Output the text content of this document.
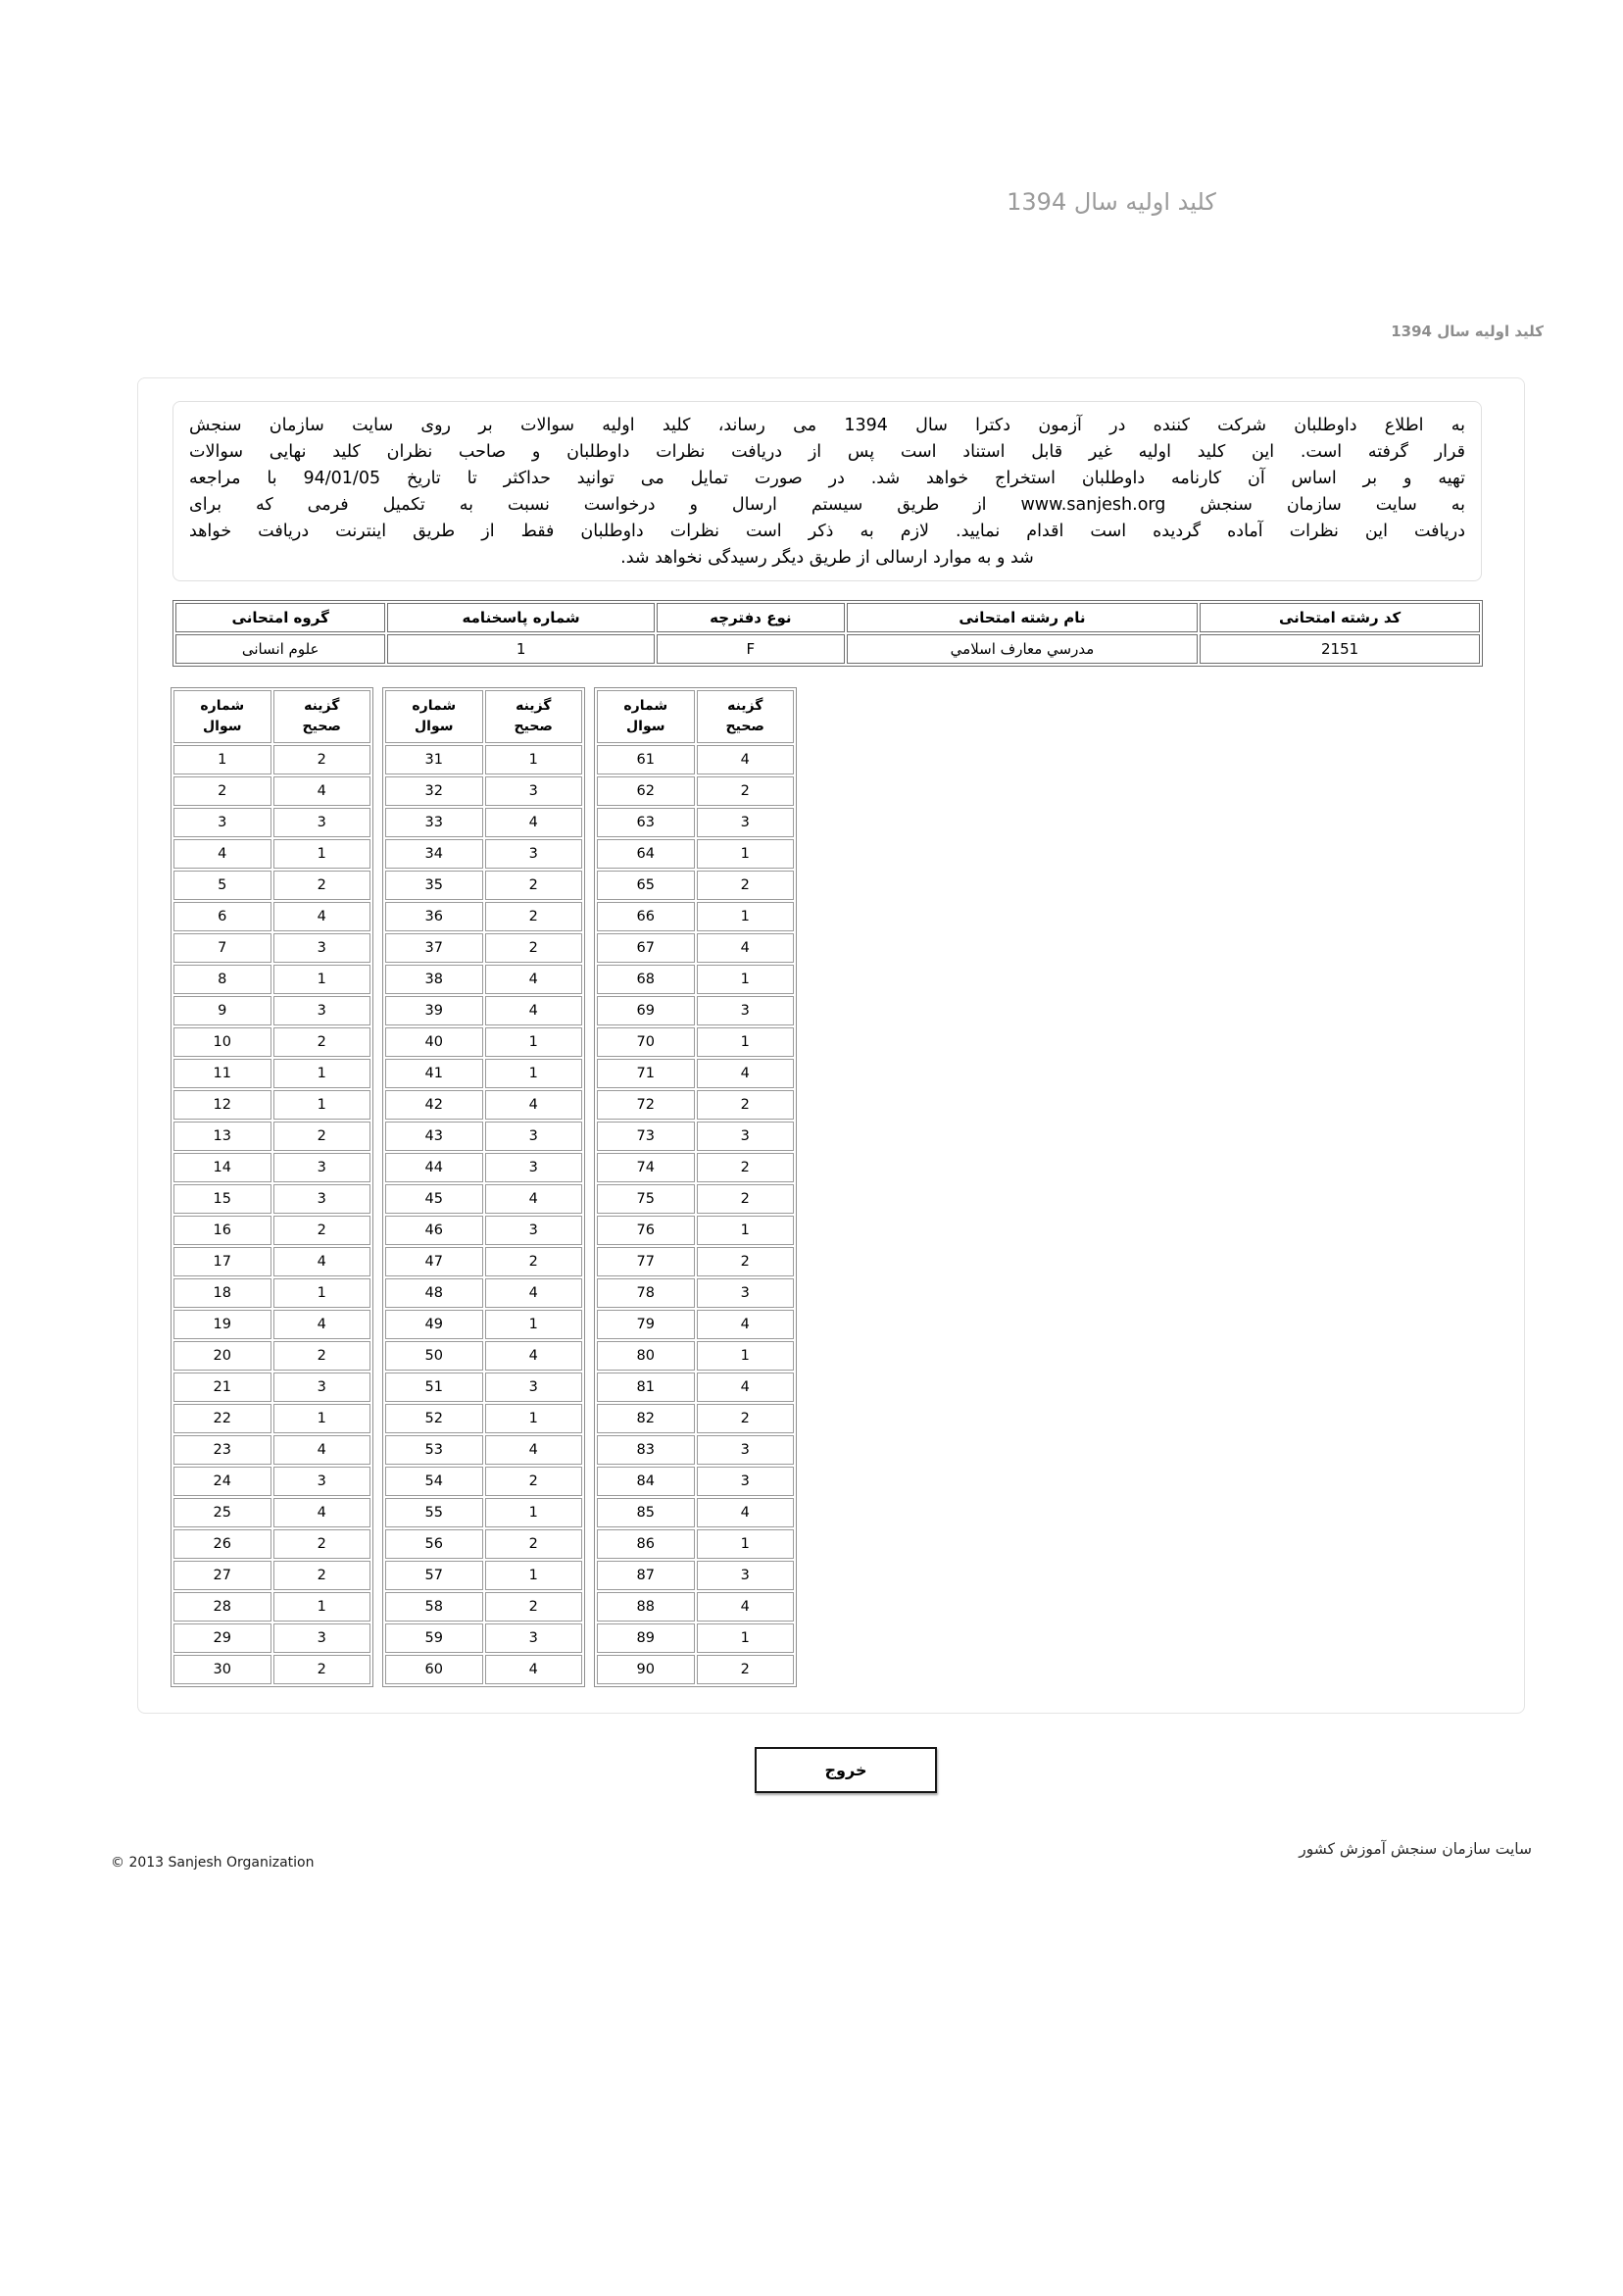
کلید اولیه سال 1394
کلید اولیه سال 1394
به اطلاع داوطلبان شرکت کننده در آزمون دکترا سال 1394 می رساند، کلید اولیه سوالات بر روی سایت سازمان سنجش
قرار گرفته است. این کلید اولیه غیر قابل استناد است پس از دریافت نظرات داوطلبان و صاحب نظران کلید نهایی سوالات
تهیه و بر اساس آن کارنامه داوطلبان استخراج خواهد شد. در صورت تمایل می توانید حداکثر تا تاریخ 94/01/05 با مراجعه
به سایت سازمان سنجش www.sanjesh.org از طریق سیستم ارسال و درخواست نسبت به تکمیل فرمی که برای
دریافت این نظرات آماده گردیده است اقدام نمایید. لازم به ذکر است نظرات داوطلبان فقط از طریق اینترنت دریافت خواهد
شد و به موارد ارسالی از طریق دیگر رسیدگی نخواهد شد.
کد رشته امتحانی	نام رشته امتحانی	نوع دفترچه	شماره پاسخنامه	گروه امتحانی
2151	مدرسي معارف اسلامي	F	1	علوم انسانی
شماره
سوال

گزینه
صحیح

1	2
2	4
3	3
4	1
5	2
6	4
7	3
8	1
9	3
10	2
11	1
12	1
13	2
14	3
15	3
16	2
17	4
18	1
19	4
20	2
21	3
22	1
23	4
24	3
25	4
26	2
27	2
28	1
29	3
30	2
شماره
سوال

گزینه
صحیح

31	1
32	3
33	4
34	3
35	2
36	2
37	2
38	4
39	4
40	1
41	1
42	4
43	3
44	3
45	4
46	3
47	2
48	4
49	1
50	4
51	3
52	1
53	4
54	2
55	1
56	2
57	1
58	2
59	3
60	4
شماره
سوال

گزینه
صحیح

61	4
62	2
63	3
64	1
65	2
66	1
67	4
68	1
69	3
70	1
71	4
72	2
73	3
74	2
75	2
76	1
77	2
78	3
79	4
80	1
81	4
82	2
83	3
84	3
85	4
86	1
87	3
88	4
89	1
90	2
خروج
© 2013 Sanjesh Organization
سایت سازمان سنجش آموزش کشور
